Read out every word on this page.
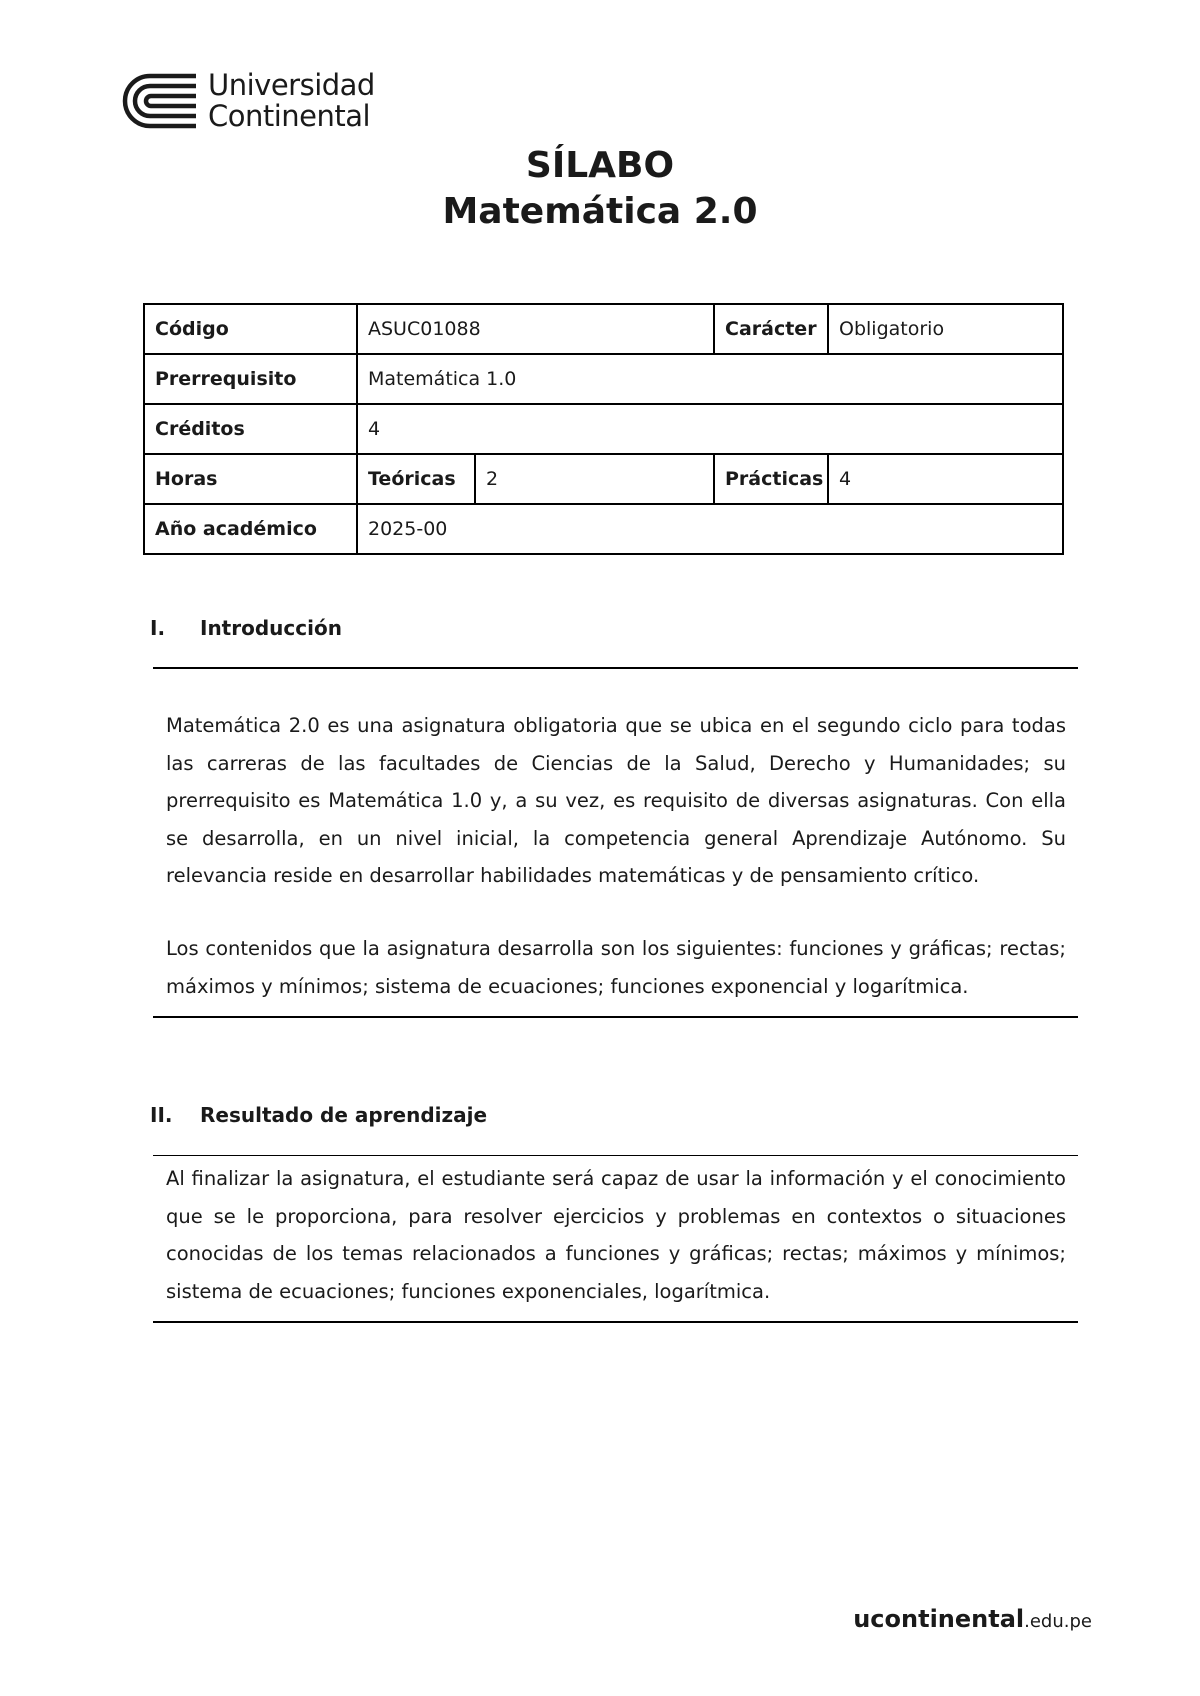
Universidad
Continental
SÍLABO
Matemática 2.0
Código	ASUC01088		Carácter	Obligatorio
Prerrequisito	Matemática 1.0			
Créditos	4			
Horas	Teóricas	2	Prácticas	4
Año académico	2025-00			
I. Introducción

Matemática 2.0 es una asignatura obligatoria que se ubica en el segundo ciclo para todas las carreras de las facultades de Ciencias de la Salud, Derecho y Humanidades; su prerrequisito es Matemática 1.0 y, a su vez, es requisito de diversas asignaturas. Con ella se desarrolla, en un nivel inicial, la competencia general Aprendizaje Autónomo. Su relevancia reside en desarrollar habilidades matemáticas y de pensamiento crítico.

Los contenidos que la asignatura desarrolla son los siguientes: funciones y gráficas; rectas; máximos y mínimos; sistema de ecuaciones; funciones exponencial y logarítmica.

II. Resultado de aprendizaje

Al finalizar la asignatura, el estudiante será capaz de usar la información y el conocimiento que se le proporciona, para resolver ejercicios y problemas en contextos o situaciones conocidas de los temas relacionados a funciones y gráficas; rectas; máximos y mínimos; sistema de ecuaciones; funciones exponenciales, logarítmica.

ucontinental.edu.pe
